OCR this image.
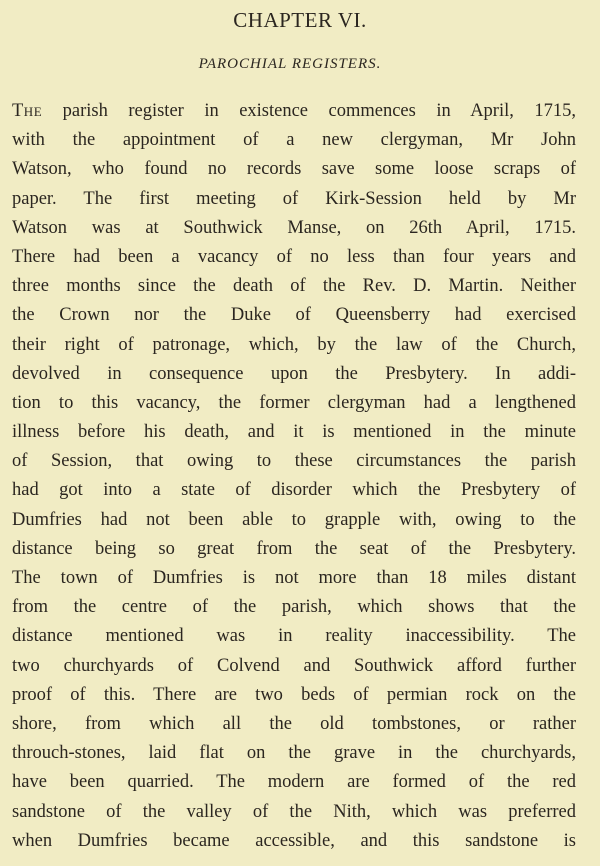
CHAPTER VI.
PAROCHIAL REGISTERS.
The parish register in existence commences in April, 1715,
with the appointment of a new clergyman, Mr John
Watson, who found no records save some loose scraps of
paper. The first meeting of Kirk-Session held by Mr
Watson was at Southwick Manse, on 26th April, 1715.
There had been a vacancy of no less than four years and
three months since the death of the Rev. D. Martin. Neither
the Crown nor the Duke of Queensberry had exercised
their right of patronage, which, by the law of the Church,
devolved in consequence upon the Presbytery. In addi-
tion to this vacancy, the former clergyman had a lengthened
illness before his death, and it is mentioned in the minute
of Session, that owing to these circumstances the parish
had got into a state of disorder which the Presbytery of
Dumfries had not been able to grapple with, owing to the
distance being so great from the seat of the Presbytery.
The town of Dumfries is not more than 18 miles distant
from the centre of the parish, which shows that the
distance mentioned was in reality inaccessibility. The
two churchyards of Colvend and Southwick afford further
proof of this. There are two beds of permian rock on the
shore, from which all the old tombstones, or rather
throuch-stones, laid flat on the grave in the churchyards,
have been quarried. The modern are formed of the red
sandstone of the valley of the Nith, which was preferred
when Dumfries became accessible, and this sandstone is
